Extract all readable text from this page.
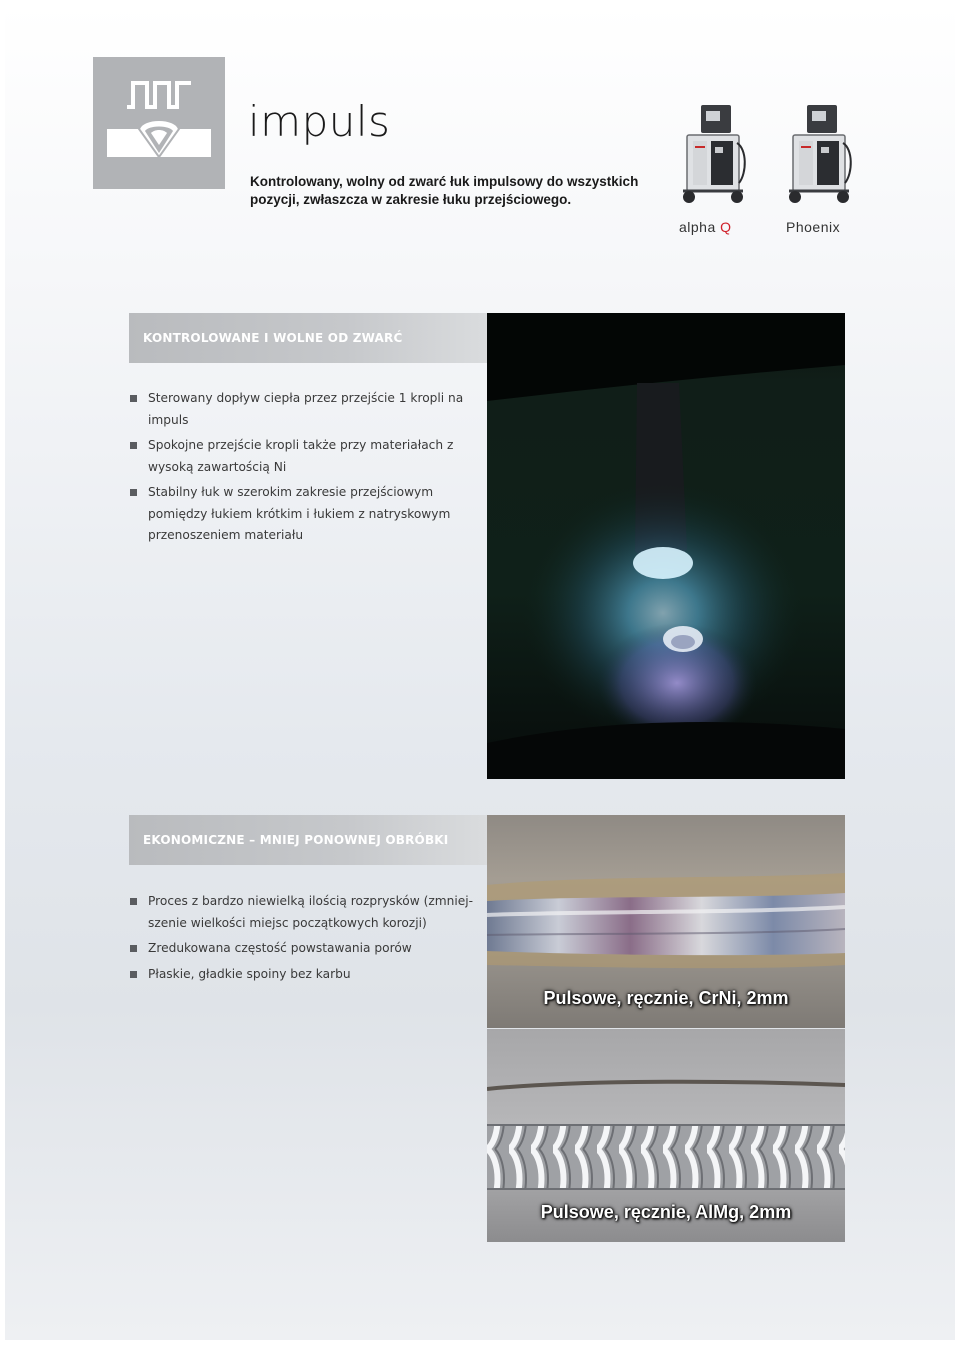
impuls

Kontrolowany, wolny od zwarć łuk impulsowy do wszystkich pozycji, zwłaszcza w zakresie łuku przejściowego.

alpha Q	Phoenix
KONTROLOWANE I WOLNE OD ZWARĆ
Sterowany dopływ ciepła przez przejście 1 kropli na impuls
Spokojne przejście kropli także przy materiałach z wysoką zawartością Ni
Stabilny łuk w szerokim zakresie przejściowym pomiędzy łukiem krótkim i łukiem z natryskowym przenoszeniem materiału
EKONOMICZNE – MNIEJ PONOWNEJ OBRÓBKI
Proces z bardzo niewielką ilością rozprysków (zmniej-szenie wielkości miejsc początkowych korozji)
Zredukowana częstość powstawania porów
Płaskie, gładkie spoiny bez karbu

Pulsowe, ręcznie, CrNi, 2mm

Pulsowe, ręcznie, AlMg, 2mm
